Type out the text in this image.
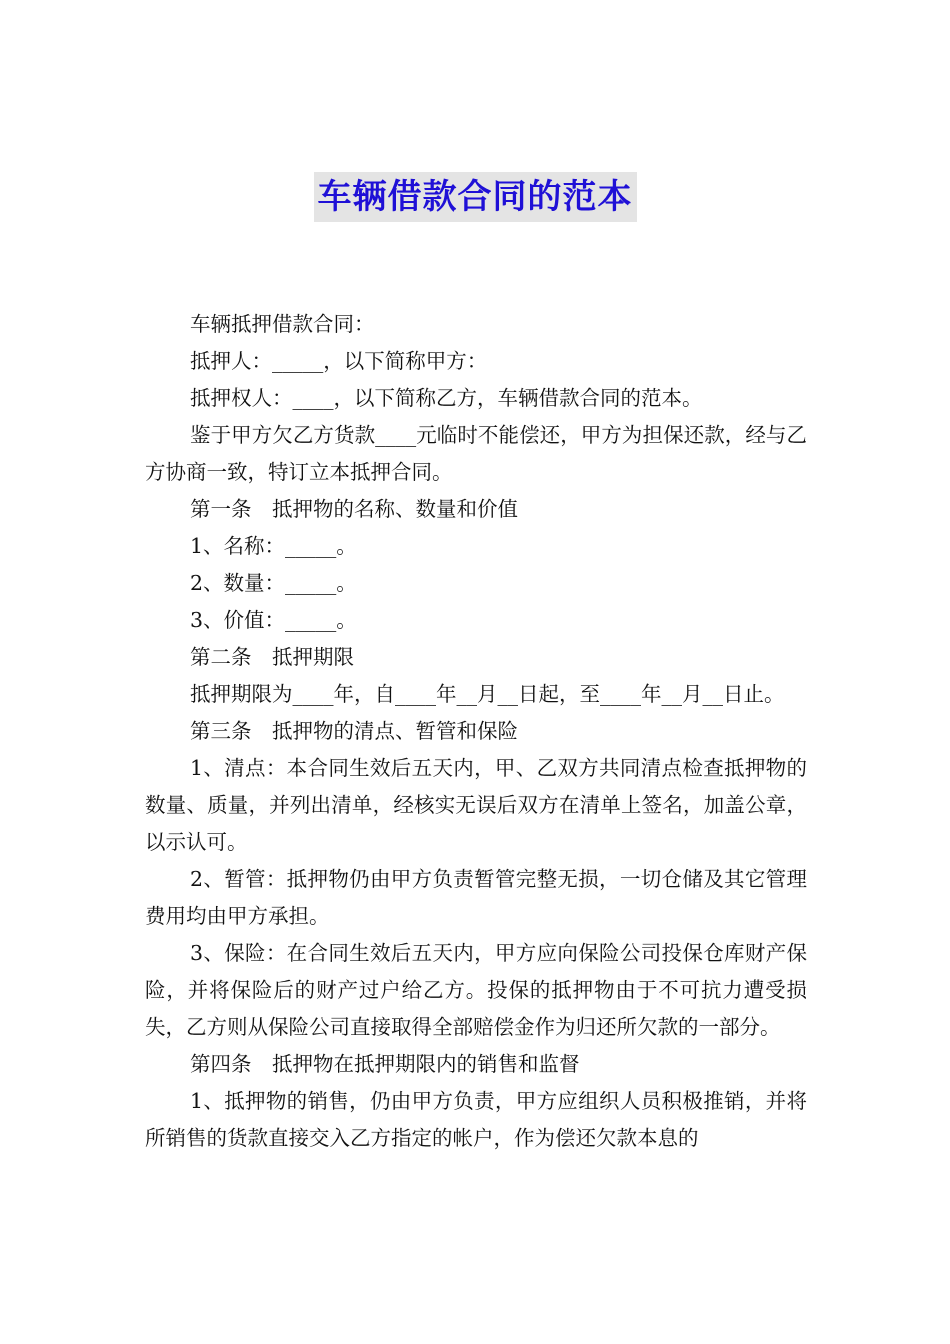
车辆借款合同的范本

车辆抵押借款合同：

抵押人：_____，以下简称甲方：

抵押权人：____，以下简称乙方，车辆借款合同的范本。

鉴于甲方欠乙方货款____元临时不能偿还，甲方为担保还款，经与乙方协商一致，特订立本抵押合同。

第一条　抵押物的名称、数量和价值

1、名称：_____。

2、数量：_____。

3、价值：_____。

第二条　抵押期限

抵押期限为____年，自____年__月__日起，至____年__月__日止。

第三条　抵押物的清点、暂管和保险

1、清点：本合同生效后五天内，甲、乙双方共同清点检查抵押物的数量、质量，并列出清单，经核实无误后双方在清单上签名，加盖公章，以示认可。

2、暂管：抵押物仍由甲方负责暂管完整无损，一切仓储及其它管理费用均由甲方承担。

3、保险：在合同生效后五天内，甲方应向保险公司投保仓库财产保险，并将保险后的财产过户给乙方。投保的抵押物由于不可抗力遭受损失，乙方则从保险公司直接取得全部赔偿金作为归还所欠款的一部分。

第四条　抵押物在抵押期限内的销售和监督

1、抵押物的销售，仍由甲方负责，甲方应组织人员积极推销，并将所销售的货款直接交入乙方指定的帐户，作为偿还欠款本息的
